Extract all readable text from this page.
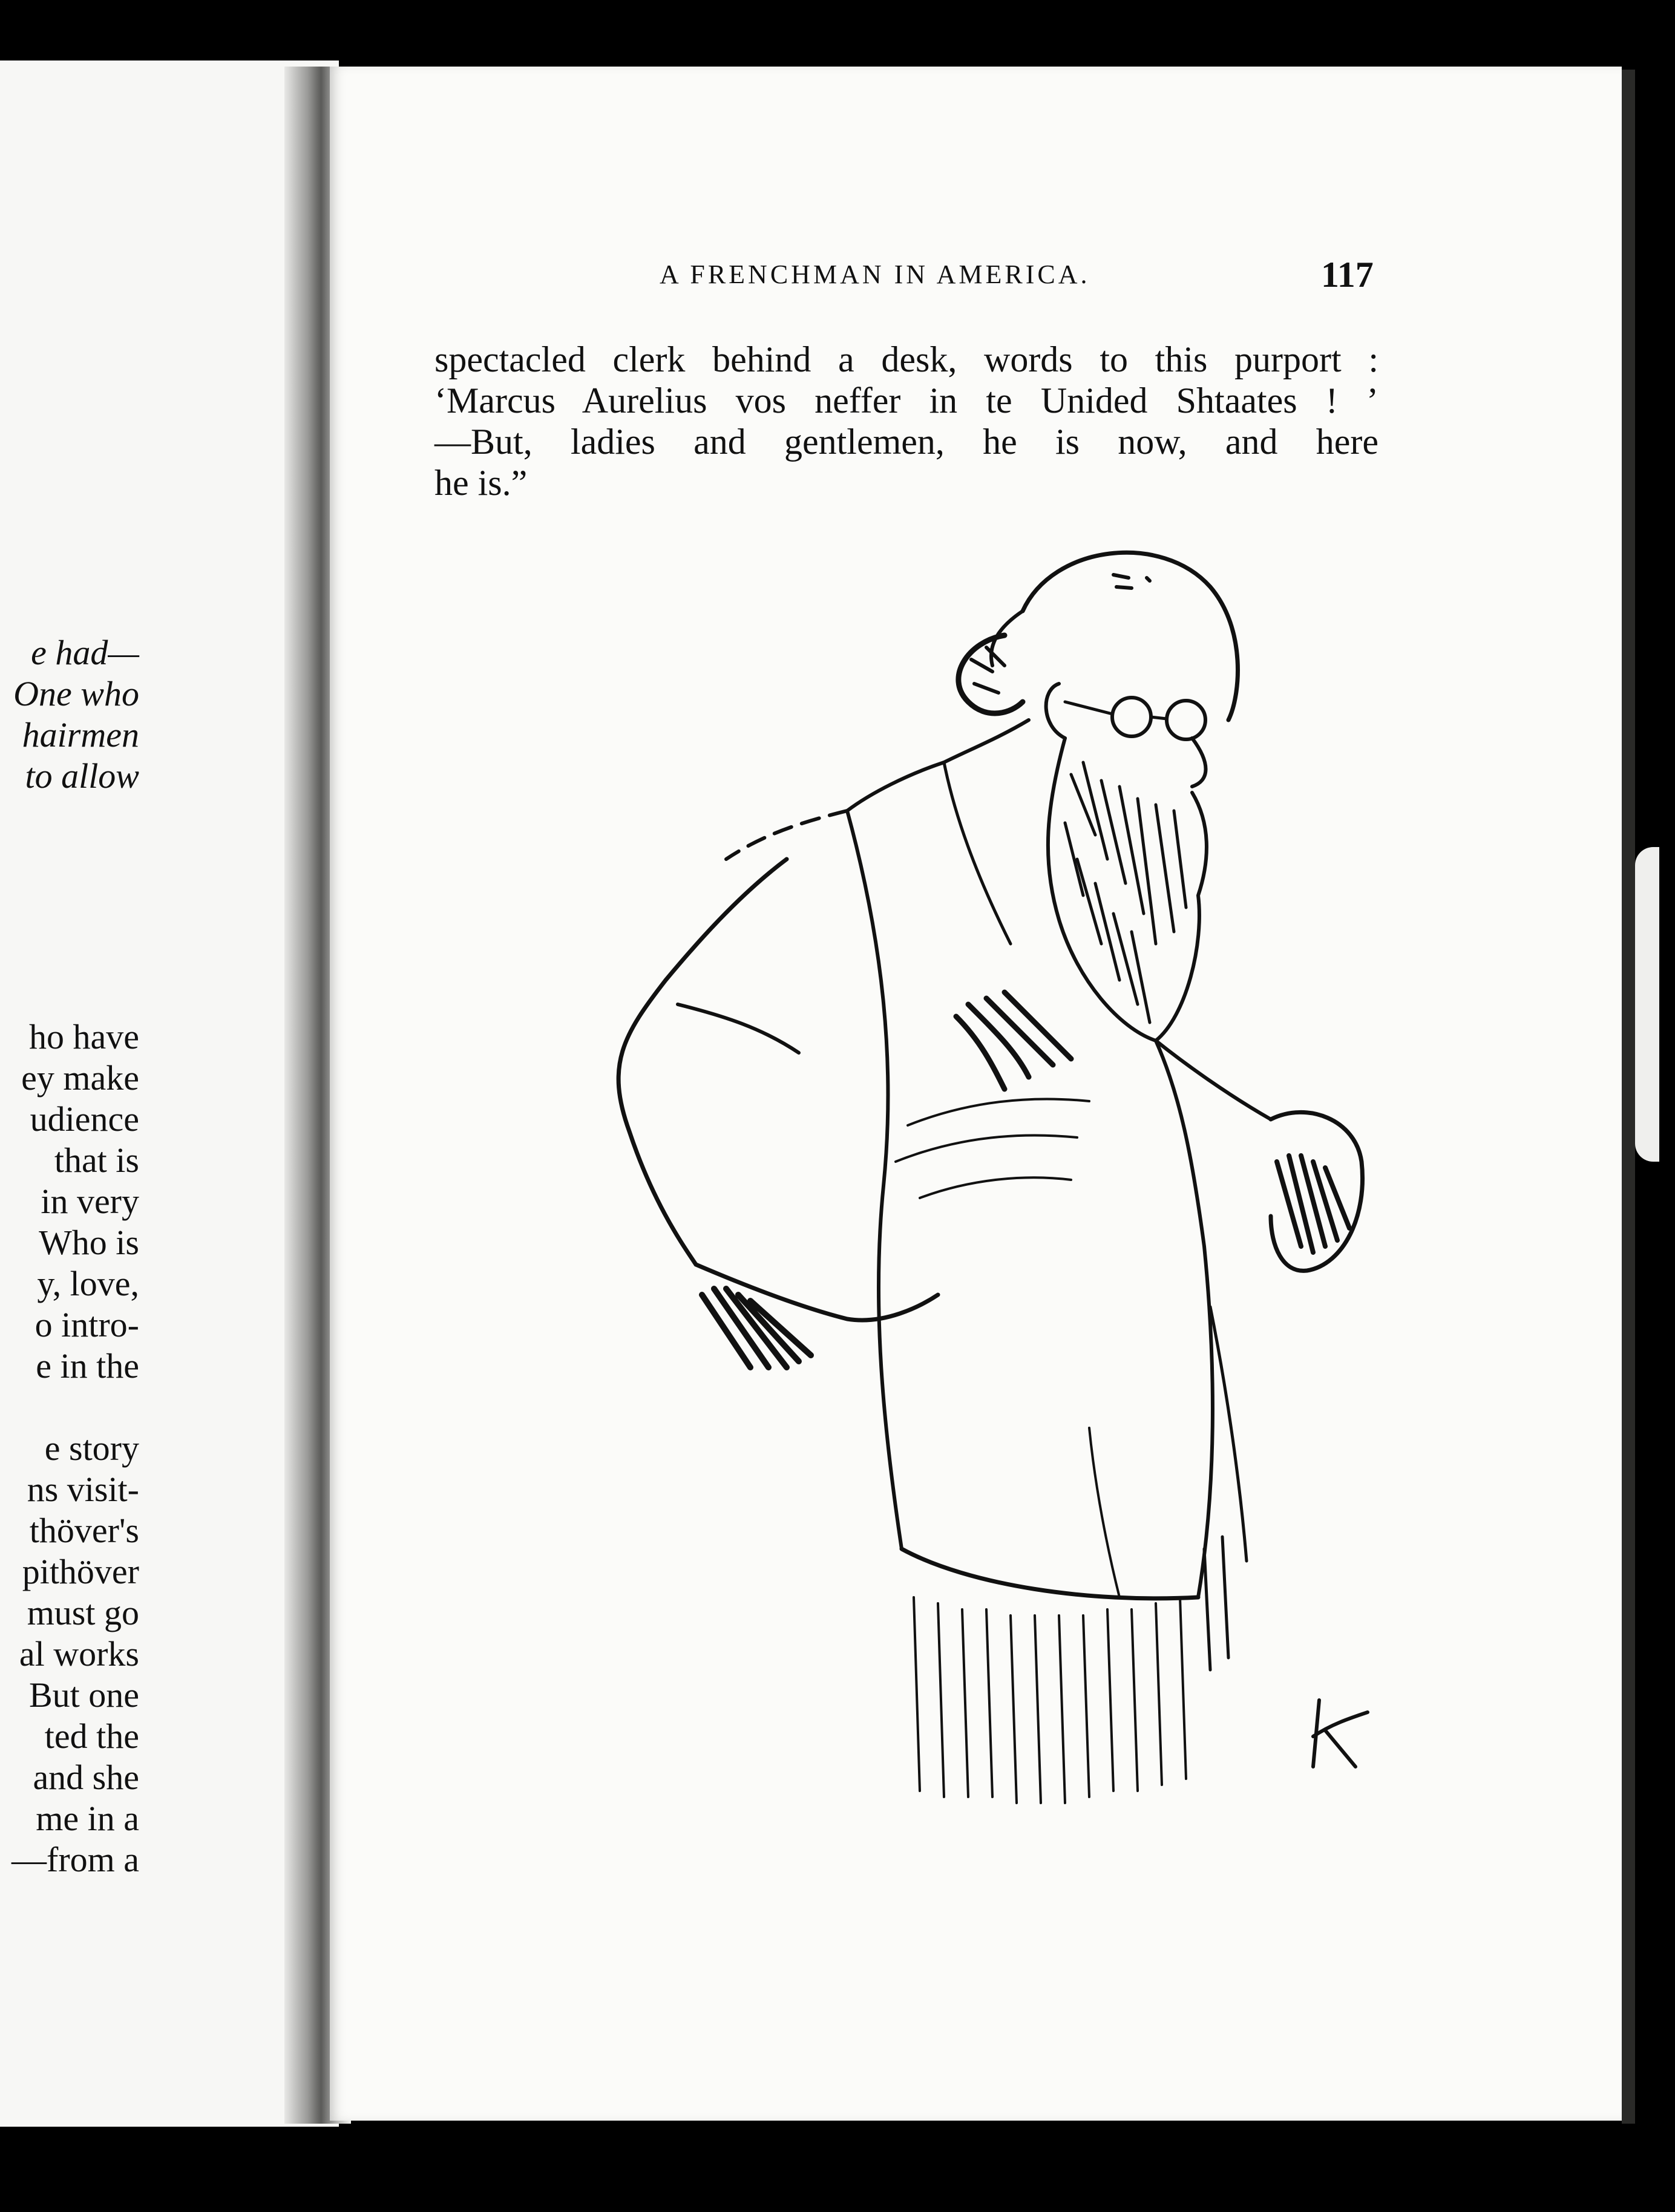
e had—
One who
hairmen
to allow
ho have
ey make
udience
that is
in very
Who is
y, love,
o intro-
e in the
e story
ns visit-
thöver's
pithöver
must go
al works
But one
ted the
and she
me in a
—from a
A FRENCHMAN IN AMERICA.	117
spectacled clerk behind a desk, words to this purport :
‘Marcus Aurelius vos neffer in te Unided Shtaates ! ’
—But, ladies and gentlemen, he is now, and here
he is.”
